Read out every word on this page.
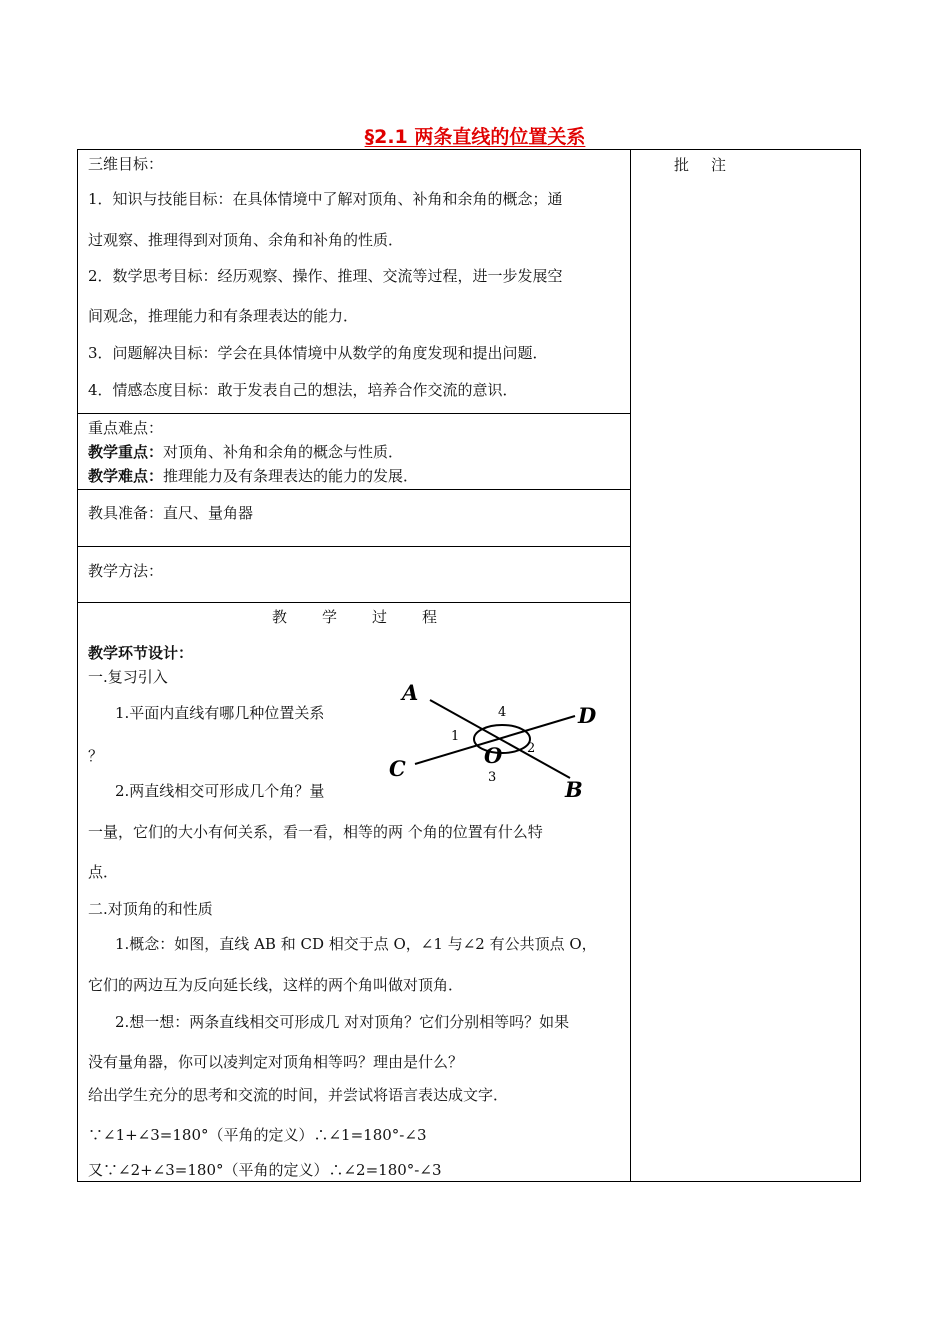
§2.1 两条直线的位置关系
批注
三维目标：
1．知识与技能目标：在具体情境中了解对顶角、补角和余角的概念；通
过观察、推理得到对顶角、余角和补角的性质．
2．数学思考目标：经历观察、操作、推理、交流等过程，进一步发展空
间观念，推理能力和有条理表达的能力．
3．问题解决目标：学会在具体情境中从数学的角度发现和提出问题．
4．情感态度目标：敢于发表自己的想法，培养合作交流的意识．
重点难点：
教学重点：对顶角、补角和余角的概念与性质．
教学难点：推理能力及有条理表达的能力的发展．
教具准备：直尺、量角器
教学方法：
教 学 过 程
教学环节设计：
一.复习引入
1.平面内直线有哪几种位置关系
？
2.两直线相交可形成几个角？量
一量，它们的大小有何关系，看一看，相等的两 个角的位置有什么特
点．
二.对顶角的和性质
1.概念：如图，直线 AB 和 CD 相交于点 O，∠1 与∠2 有公共顶点 O，
它们的两边互为反向延长线，这样的两个角叫做对顶角．
2.想一想：两条直线相交可形成几 对对顶角？它们分别相等吗？如果
没有量角器，你可以凌判定对顶角相等吗？理由是什么？
给出学生充分的思考和交流的时间，并尝试将语言表达成文字．
∵∠1+∠3=180°（平角的定义）∴∠1=180°-∠3
又∵∠2+∠3=180°（平角的定义）∴∠2=180°-∠3
A
D
C
B
O
1
2
3
4
